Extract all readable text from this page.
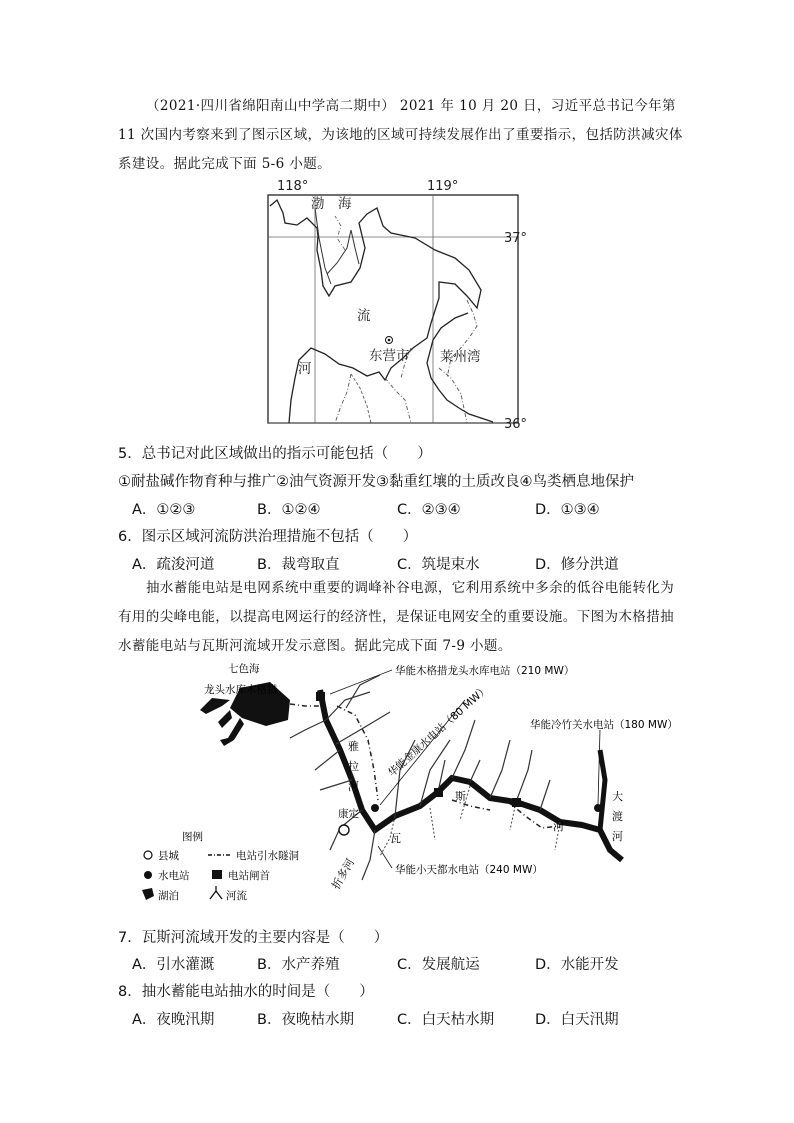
（2021·四川省绵阳南山中学高二期中） 2021 年 10 月 20 日，习近平总书记今年第 11 次国内考察来到了图示区域，为该地的区域可持续发展作出了重要指示，包括防洪减灾体系建设。据此完成下面 5-6 小题。
118°	119°
37°
36°
渤　海
流
河
东营市 莱州湾
5．总书记对此区域做出的指示可能包括（　　）
①耐盐碱作物育种与推广②油气资源开发③黏重红壤的土质改良④鸟类栖息地保护
A．①②③	B．①②④	C．②③④	D．①③④
6．图示区域河流防洪治理措施不包括（　　）
A．疏浚河道	B．裁弯取直	C．筑堤束水	D．修分洪道
抽水蓄能电站是电网系统中重要的调峰补谷电源，它利用系统中多余的低谷电能转化为有用的尖峰电能，以提高电网运行的经济性，是保证电网安全的重要设施。下图为木格措抽水蓄能电站与瓦斯河流域开发示意图。据此完成下面 7-9 小题。
七色海
龙头水库木格措
华能木格措龙头水库电站（210 MW）
华能金康水电站（80 MW）	华能冷竹关水电站（180 MW）
华能小天都水电站（240 MW）
雅
拉
河
康定
瓦
斯
河
大
渡
河
折多河
图例
县城	电站引水隧洞
水电站	电站闸首
湖泊	河流
7．瓦斯河流域开发的主要内容是（　　）
A．引水灌溉	B．水产养殖	C．发展航运	D．水能开发
8．抽水蓄能电站抽水的时间是（　　）
A．夜晚汛期	B．夜晚枯水期	C．白天枯水期	D．白天汛期
